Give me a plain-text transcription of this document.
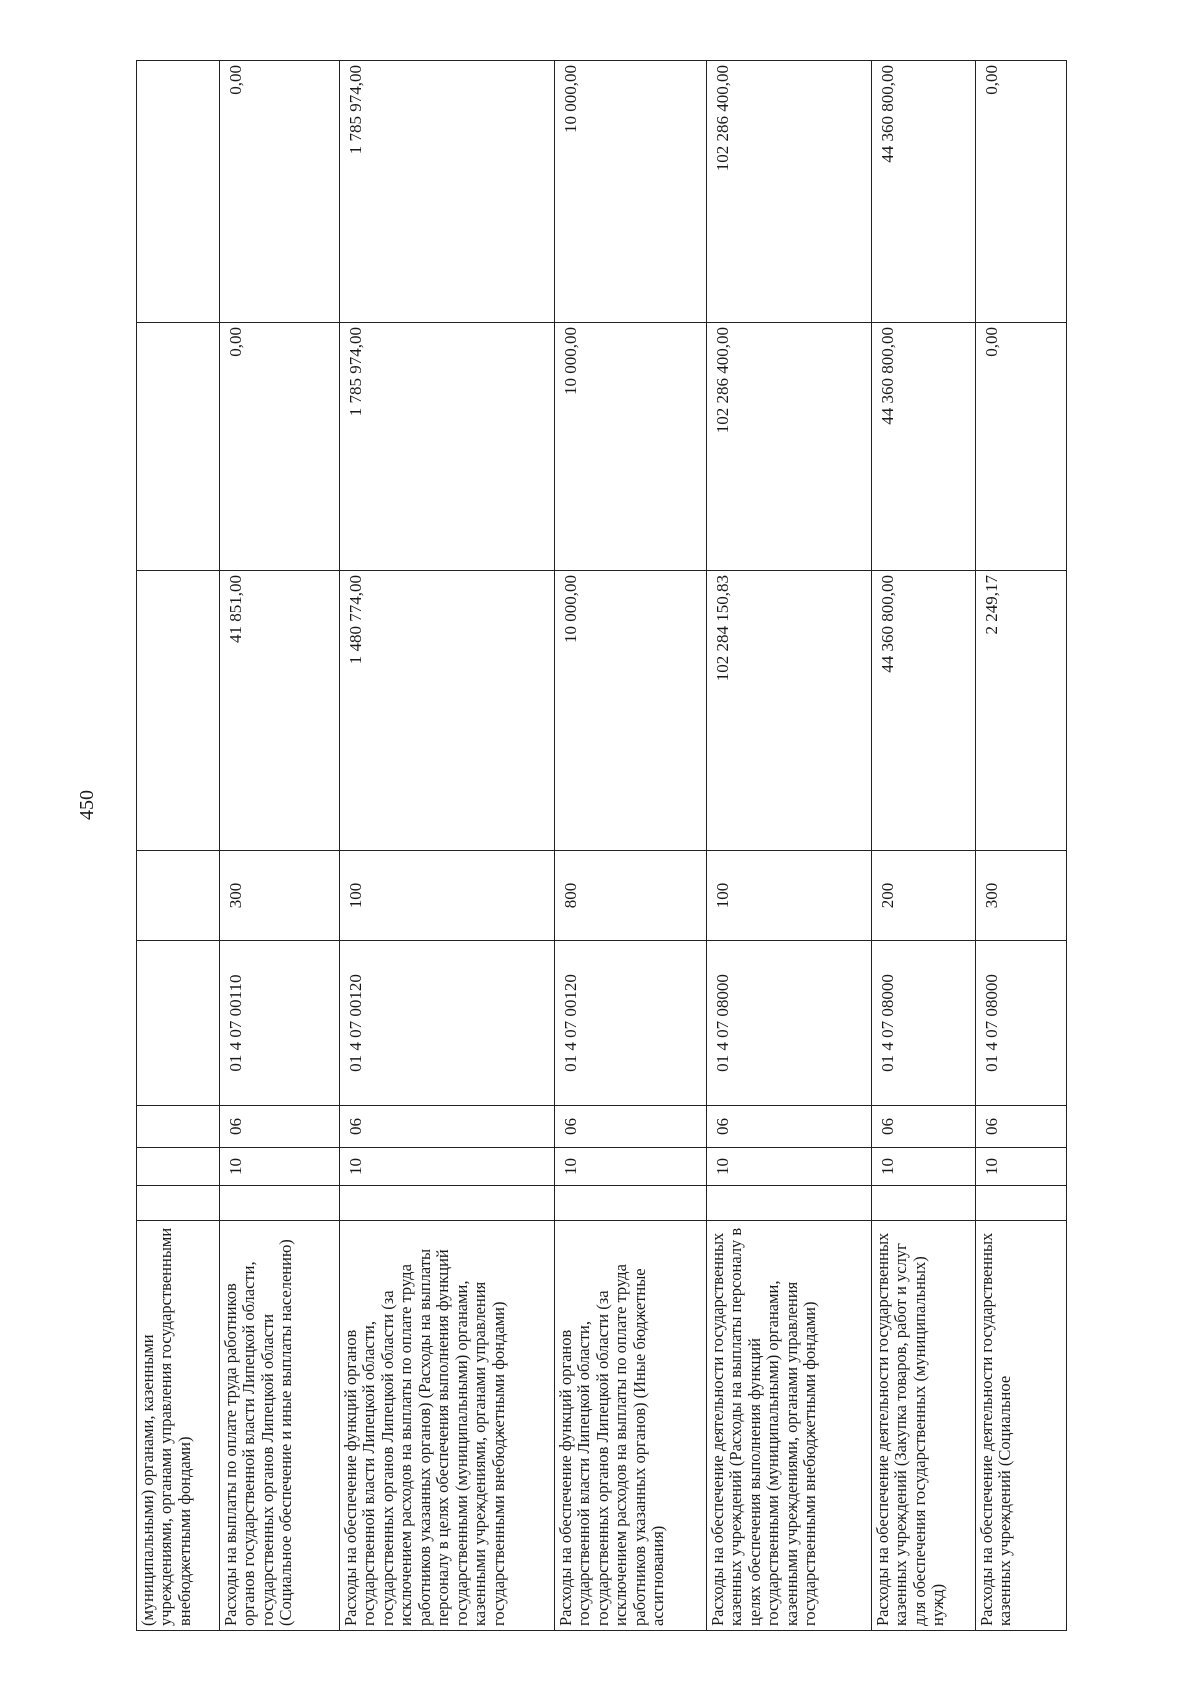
450
(муниципальными) органами, казенными учреждениями, органами управления государственными внебюджетными фондами)								
Расходы на выплаты по оплате труда работников органов государственной власти Липецкой области, государственных органов Липецкой области (Социальное обеспечение и иные выплаты населению)		10	06	01 4 07 00110	300	41 851,00	0,00	0,00
Расходы на обеспечение функций органов государственной власти Липецкой области, государственных органов Липецкой области (за исключением расходов на выплаты по оплате труда работников указанных органов) (Расходы на выплаты персоналу в целях обеспечения выполнения функций государственными (муниципальными) органами, казенными учреждениями, органами управления государственными внебюджетными фондами)		10	06	01 4 07 00120	100	1 480 774,00	1 785 974,00	1 785 974,00
Расходы на обеспечение функций органов государственной власти Липецкой области, государственных органов Липецкой области (за исключением расходов на выплаты по оплате труда работников указанных органов) (Иные бюджетные ассигнования)		10	06	01 4 07 00120	800	10 000,00	10 000,00	10 000,00
Расходы на обеспечение деятельности государственных казенных учреждений (Расходы на выплаты персоналу в целях обеспечения выполнения функций государственными (муниципальными) органами, казенными учреждениями, органами управления государственными внебюджетными фондами)		10	06	01 4 07 08000	100	102 284 150,83	102 286 400,00	102 286 400,00
Расходы на обеспечение деятельности государственных казенных учреждений (Закупка товаров, работ и услуг для обеспечения государственных (муниципальных) нужд)		10	06	01 4 07 08000	200	44 360 800,00	44 360 800,00	44 360 800,00
Расходы на обеспечение деятельности государственных казенных учреждений (Социальное		10	06	01 4 07 08000	300	2 249,17	0,00	0,00
